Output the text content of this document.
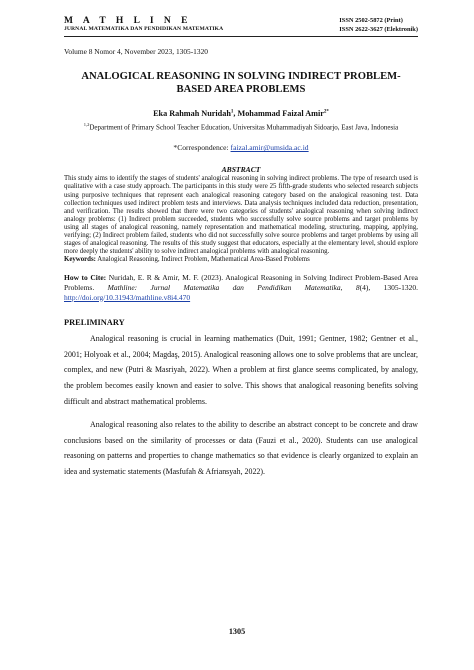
M A T H L I N E
JURNAL MATEMATIKA DAN PENDIDIKAN MATEMATIKA
ISSN 2502-5872 (Print)
ISSN 2622-3627 (Elektronik)
Volume 8 Nomor 4, November 2023, 1305-1320
ANALOGICAL REASONING IN SOLVING INDIRECT PROBLEM-BASED AREA PROBLEMS
Eka Rahmah Nuridah$^1$, Mohammad Faizal Amir$^{2*}$
$^{1,2}$Department of Primary School Teacher Education, Universitas Muhammadiyah Sidoarjo, East Java, Indonesia
*Correspondence: faizal.amir@umsida.ac.id
ABSTRACT
This study aims to identify the stages of students' analogical reasoning in solving indirect problems. The type of research used is qualitative with a case study approach. The participants in this study were 25 fifth-grade students who selected research subjects using purposive techniques that represent each analogical reasoning category based on the analogical reasoning test. Data collection techniques used indirect problem tests and interviews. Data analysis techniques included data reduction, presentation, and verification. The results showed that there were two categories of students' analogical reasoning when solving indirect analogy problems: (1) Indirect problem succeeded, students who successfully solve source problems and target problems by using all stages of analogical reasoning, namely representation and mathematical modeling, structuring, mapping, applying, verifying; (2) Indirect problem failed, students who did not successfully solve source problems and target problems by using all stages of analogical reasoning. The results of this study suggest that educators, especially at the elementary level, should explore more deeply the students' ability to solve indirect analogical problems with analogical reasoning.
Keywords: Analogical Reasoning, Indirect Problem, Mathematical Area-Based Problems
How to Cite: Nuridah, E. R & Amir, M. F. (2023). Analogical Reasoning in Solving Indirect Problem-Based Area Problems. Mathline: Jurnal Matematika dan Pendidikan Matematika, 8(4), 1305-1320. http://doi.org/10.31943/mathline.v8i4.470
PRELIMINARY

Analogical reasoning is crucial in learning mathematics (Duit, 1991; Gentner, 1982; Gentner et al., 2001; Holyoak et al., 2004; Magdaş, 2015). Analogical reasoning allows one to solve problems that are unclear, complex, and new (Putri & Masriyah, 2022). When a problem at first glance seems complicated, by analogy, the problem becomes easily known and easier to solve. This shows that analogical reasoning benefits solving difficult and abstract mathematical problems.

Analogical reasoning also relates to the ability to describe an abstract concept to be concrete and draw conclusions based on the similarity of processes or data (Fauzi et al., 2020). Students can use analogical reasoning on patterns and properties to change mathematics so that evidence is clearly organized to explain an idea and systematic statements (Masfufah & Afriansyah, 2022).

1305
